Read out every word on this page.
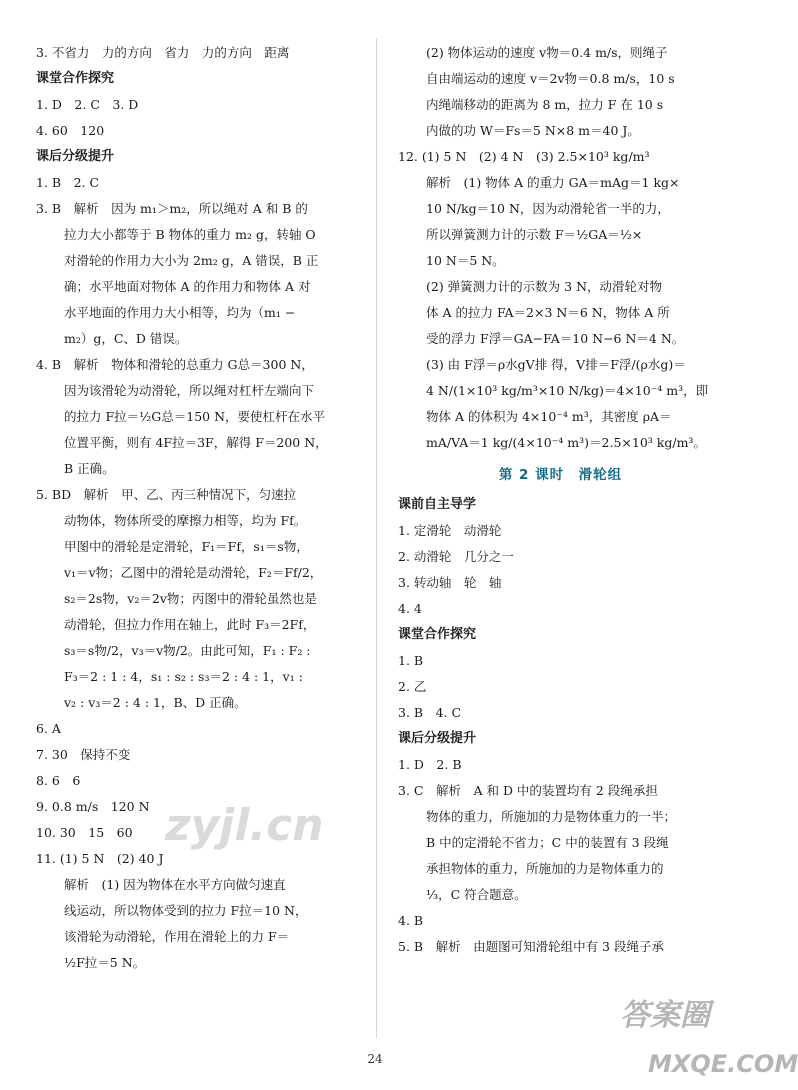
3. 不省力　力的方向　省力　力的方向　距离

课堂合作探究

1. D　2. C　3. D

4. 60　120

课后分级提升

1. B　2. C

3. B　解析　因为 m₁＞m₂，所以绳对 A 和 B 的

拉力大小都等于 B 物体的重力 m₂ g，转轴 O

对滑轮的作用力大小为 2m₂ g，A 错误，B 正

确；水平地面对物体 A 的作用力和物体 A 对

水平地面的作用力大小相等，均为（m₁ −

m₂）g，C、D 错误。

4. B　解析　物体和滑轮的总重力 G总＝300 N，

因为该滑轮为动滑轮，所以绳对杠杆左端向下

的拉力 F拉＝½G总＝150 N，要使杠杆在水平

位置平衡，则有 4F拉＝3F，解得 F＝200 N，

B 正确。

5. BD　解析　甲、乙、丙三种情况下，匀速拉

动物体，物体所受的摩擦力相等，均为 Ff。

甲图中的滑轮是定滑轮，F₁＝Ff，s₁＝s物，

v₁＝v物；乙图中的滑轮是动滑轮，F₂＝Ff/2，

s₂＝2s物，v₂＝2v物；丙图中的滑轮虽然也是

动滑轮，但拉力作用在轴上，此时 F₃＝2Ff，

s₃＝s物/2，v₃＝v物/2。由此可知，F₁ : F₂ :

F₃＝2 : 1 : 4，s₁ : s₂ : s₃＝2 : 4 : 1，v₁ :

v₂ : v₃＝2 : 4 : 1，B、D 正确。

6. A

7. 30　保持不变

8. 6　6

9. 0.8 m/s　120 N

10. 30　15　60

11. (1) 5 N　(2) 40 J

解析　(1) 因为物体在水平方向做匀速直

线运动，所以物体受到的拉力 F拉＝10 N，

该滑轮为动滑轮，作用在滑轮上的力 F＝

½F拉＝5 N。

(2) 物体运动的速度 v物＝0.4 m/s，则绳子

自由端运动的速度 v＝2v物＝0.8 m/s，10 s

内绳端移动的距离为 8 m，拉力 F 在 10 s

内做的功 W＝Fs＝5 N×8 m＝40 J。

12. (1) 5 N　(2) 4 N　(3) 2.5×10³ kg/m³

解析　(1) 物体 A 的重力 GA＝mAg＝1 kg×

10 N/kg＝10 N，因为动滑轮省一半的力，

所以弹簧测力计的示数 F＝½GA＝½×

10 N＝5 N。

(2) 弹簧测力计的示数为 3 N，动滑轮对物

体 A 的拉力 FA＝2×3 N＝6 N，物体 A 所

受的浮力 F浮＝GA−FA＝10 N−6 N＝4 N。

(3) 由 F浮＝ρ水gV排 得，V排＝F浮/(ρ水g)＝

4 N/(1×10³ kg/m³×10 N/kg)＝4×10⁻⁴ m³，即

物体 A 的体积为 4×10⁻⁴ m³，其密度 ρA＝

mA/VA＝1 kg/(4×10⁻⁴ m³)＝2.5×10³ kg/m³。

第 2 课时　滑轮组

课前自主导学

1. 定滑轮　动滑轮

2. 动滑轮　几分之一

3. 转动轴　轮　轴

4. 4

课堂合作探究

1. B

2. 乙

3. B　4. C

课后分级提升

1. D　2. B

3. C　解析　A 和 D 中的装置均有 2 段绳承担

物体的重力，所施加的力是物体重力的一半；

B 中的定滑轮不省力；C 中的装置有 3 段绳

承担物体的重力，所施加的力是物体重力的

⅓，C 符合题意。

4. B

5. B　解析　由题图可知滑轮组中有 3 段绳子承

24
zyjl.cn
答案圈
MXQE.COM
